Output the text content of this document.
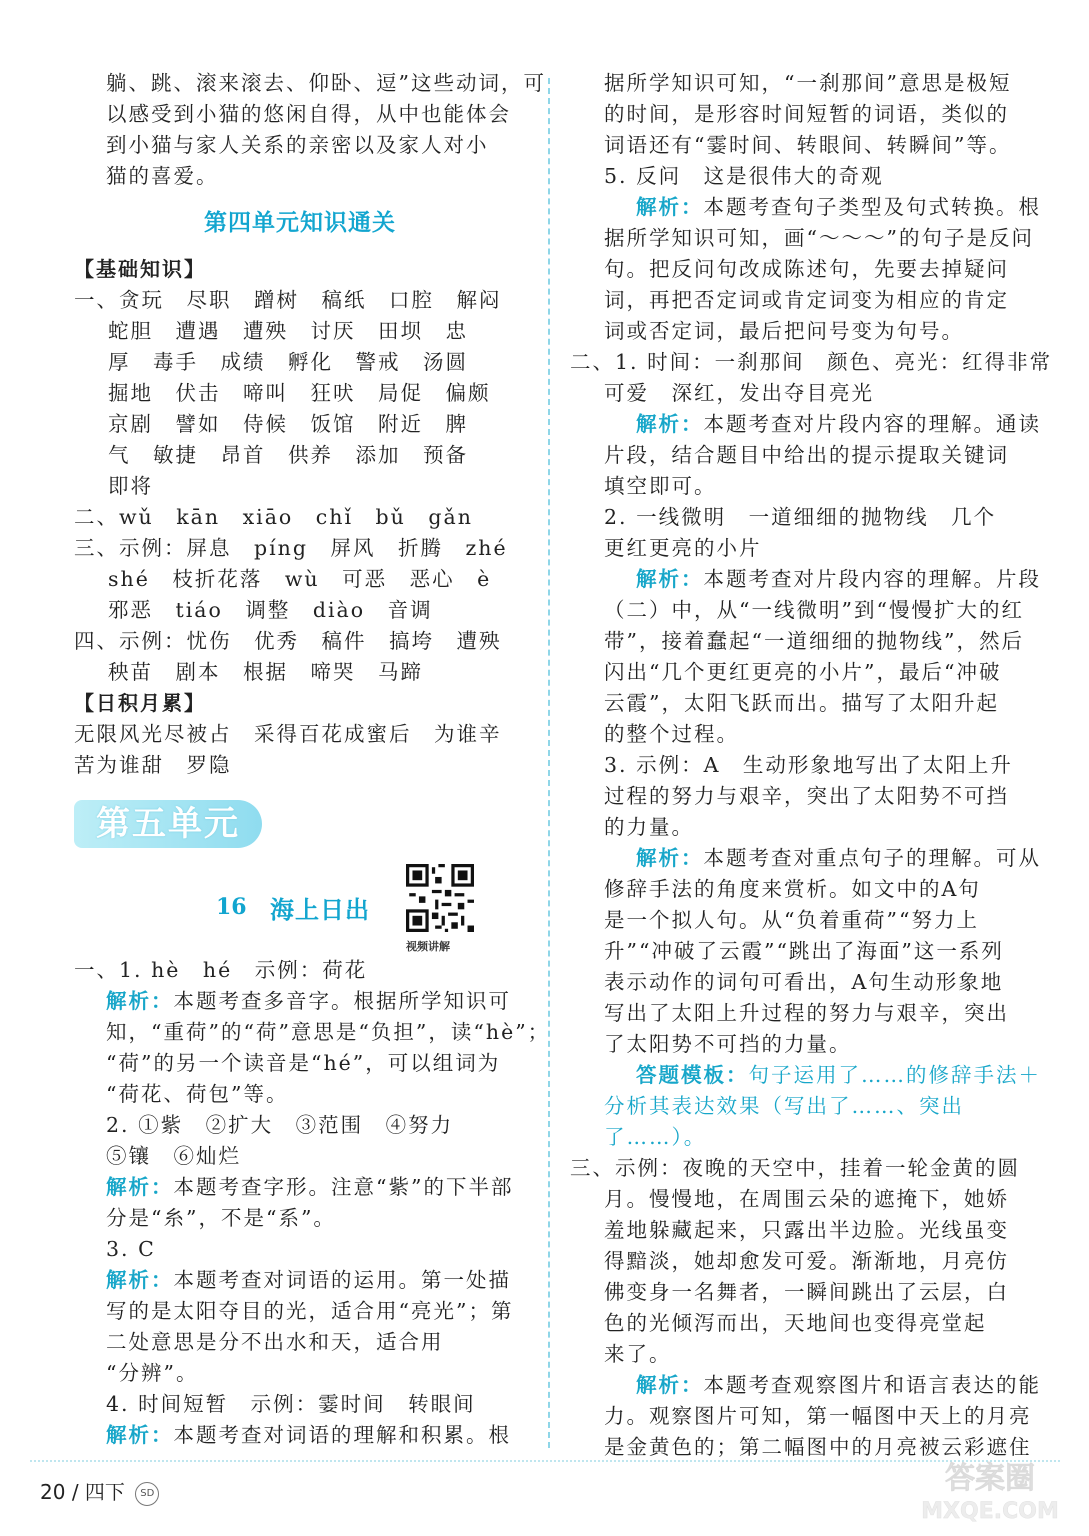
躺、跳、滚来滚去、仰卧、逗”这些动词，可
以感受到小猫的悠闲自得，从中也能体会
到小猫与家人关系的亲密以及家人对小
猫的喜爱。
第四单元知识通关
【基础知识】
一、贪玩　尽职　蹭树　稿纸　口腔　解闷
蛇胆　遭遇　遭殃　讨厌　田坝　忠
厚　毒手　成绩　孵化　警戒　汤圆
掘地　伏击　啼叫　狂吠　局促　偏颇
京剧　譬如　侍候　饭馆　附近　脾
气　敏捷　昂首　供养　添加　预备
即将
二、wǔ　kān　xiāo　chǐ　bǔ　gǎn
三、示例：屏息　píng　屏风　折腾　zhé
shé　枝折花落　wù　可恶　恶心　è
邪恶　tiáo　调整　diào　音调
四、示例：忧伤　优秀　稿件　搞垮　遭殃
秧苗　剧本　根据　啼哭　马蹄
【日积月累】
无限风光尽被占　采得百花成蜜后　为谁辛
苦为谁甜　罗隐
第五单元
16 海上日出
视频讲解
一、1. hè　hé　示例：荷花
解析：本题考查多音字。根据所学知识可
知，“重荷”的“荷”意思是“负担”，读“hè”；
“荷”的另一个读音是“hé”，可以组词为
“荷花、荷包”等。
2. ①紫　②扩大　③范围　④努力
⑤镶　⑥灿烂
解析：本题考查字形。注意“紫”的下半部
分是“糸”，不是“系”。
3. C
解析：本题考查对词语的运用。第一处描
写的是太阳夺目的光，适合用“亮光”；第
二处意思是分不出水和天，适合用
“分辨”。
4. 时间短暂　示例：霎时间　转眼间
解析：本题考查对词语的理解和积累。根
据所学知识可知，“一刹那间”意思是极短
的时间，是形容时间短暂的词语，类似的
词语还有“霎时间、转眼间、转瞬间”等。
5. 反问　这是很伟大的奇观
解析：本题考查句子类型及句式转换。根
据所学知识可知，画“～～～”的句子是反问
句。把反问句改成陈述句，先要去掉疑问
词，再把否定词或肯定词变为相应的肯定
词或否定词，最后把问号变为句号。
二、1. 时间：一刹那间　颜色、亮光：红得非常
可爱　深红，发出夺目亮光
解析：本题考查对片段内容的理解。通读
片段，结合题目中给出的提示提取关键词
填空即可。
2. 一线微明　一道细细的抛物线　几个
更红更亮的小片
解析：本题考查对片段内容的理解。片段
（二）中，从“一线微明”到“慢慢扩大的红
带”，接着蠢起“一道细细的抛物线”，然后
闪出“几个更红更亮的小片”，最后“冲破
云霞”，太阳飞跃而出。描写了太阳升起
的整个过程。
3. 示例：A　生动形象地写出了太阳上升
过程的努力与艰辛，突出了太阳势不可挡
的力量。
解析：本题考查对重点句子的理解。可从
修辞手法的角度来赏析。如文中的A句
是一个拟人句。从“负着重荷”“努力上
升”“冲破了云霞”“跳出了海面”这一系列
表示动作的词句可看出，A句生动形象地
写出了太阳上升过程的努力与艰辛，突出
了太阳势不可挡的力量。
答题模板：句子运用了……的修辞手法＋
分析其表达效果（写出了……、突出
了……）。
三、示例：夜晚的天空中，挂着一轮金黄的圆
月。慢慢地，在周围云朵的遮掩下，她娇
羞地躲藏起来，只露出半边脸。光线虽变
得黯淡，她却愈发可爱。渐渐地，月亮仿
佛变身一名舞者，一瞬间跳出了云层，白
色的光倾泻而出，天地间也变得亮堂起
来了。
解析：本题考查观察图片和语言表达的能
力。观察图片可知，第一幅图中天上的月亮
是金黄色的；第二幅图中的月亮被云彩遮住
20 / 四下 SD	答案圈
MXQE.COM
